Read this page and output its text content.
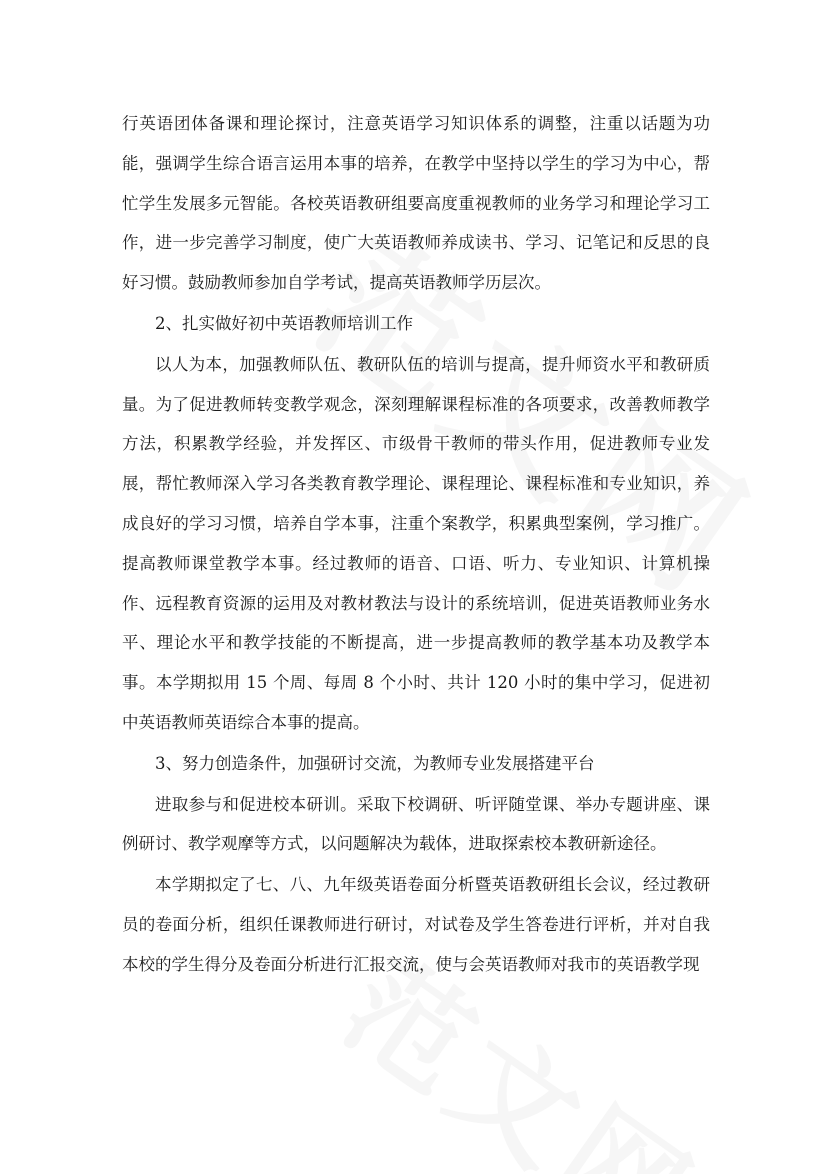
行英语团体备课和理论探讨，注意英语学习知识体系的调整，注重以话题为功能，强调学生综合语言运用本事的培养，在教学中坚持以学生的学习为中心，帮忙学生发展多元智能。各校英语教研组要高度重视教师的业务学习和理论学习工作，进一步完善学习制度，使广大英语教师养成读书、学习、记笔记和反思的良好习惯。鼓励教师参加自学考试，提高英语教师学历层次。

2、扎实做好初中英语教师培训工作

以人为本，加强教师队伍、教研队伍的培训与提高，提升师资水平和教研质量。为了促进教师转变教学观念，深刻理解课程标准的各项要求，改善教师教学方法，积累教学经验，并发挥区、市级骨干教师的带头作用，促进教师专业发展，帮忙教师深入学习各类教育教学理论、课程理论、课程标准和专业知识，养成良好的学习习惯，培养自学本事，注重个案教学，积累典型案例，学习推广。提高教师课堂教学本事。经过教师的语音、口语、听力、专业知识、计算机操作、远程教育资源的运用及对教材教法与设计的系统培训，促进英语教师业务水平、理论水平和教学技能的不断提高，进一步提高教师的教学基本功及教学本事。本学期拟用 15 个周、每周 8 个小时、共计 120 小时的集中学习，促进初中英语教师英语综合本事的提高。

3、努力创造条件，加强研讨交流，为教师专业发展搭建平台

进取参与和促进校本研训。采取下校调研、听评随堂课、举办专题讲座、课例研讨、教学观摩等方式，以问题解决为载体，进取探索校本教研新途径。

本学期拟定了七、八、九年级英语卷面分析暨英语教研组长会议，经过教研员的卷面分析，组织任课教师进行研讨，对试卷及学生答卷进行评析，并对自我本校的学生得分及卷面分析进行汇报交流，使与会英语教师对我市的英语教学现
